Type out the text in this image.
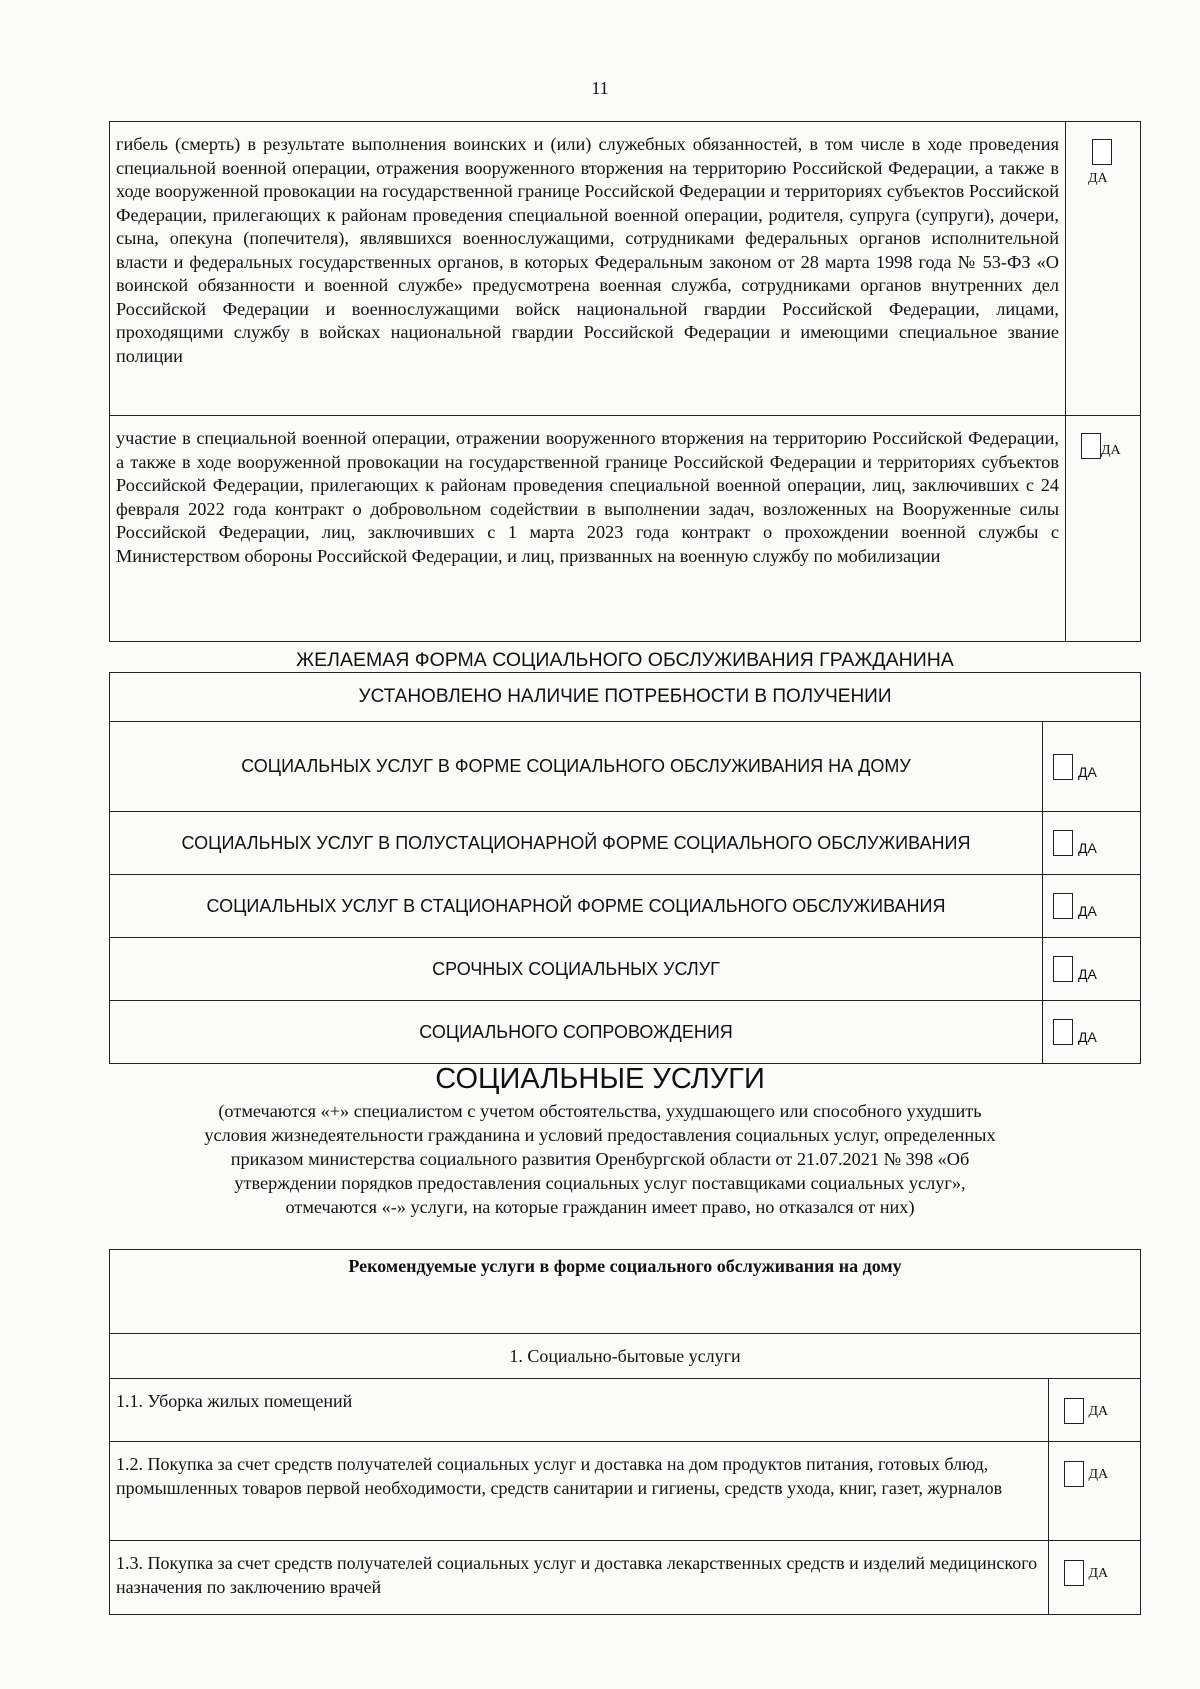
11
гибель (смерть) в результате выполнения воинских и (или) служебных обязанностей, в том числе в ходе проведения специальной военной операции, отражения вооруженного вторжения на территорию Российской Федерации, а также в ходе вооруженной провокации на государственной границе Российской Федерации и территориях субъектов Российской Федерации, прилегающих к районам проведения специальной военной операции, родителя, супруга (супруги), дочери, сына, опекуна (попечителя), являвшихся военнослужащими, сотрудниками федеральных органов исполнительной власти и федеральных государственных органов, в которых Федеральным законом от 28 марта 1998 года № 53-ФЗ «О воинской обязанности и военной службе» предусмотрена военная служба, сотрудниками органов внутренних дел Российской Федерации и военнослужащими войск национальной гвардии Российской Федерации, лицами, проходящими службу в войсках национальной гвардии Российской Федерации и имеющими специальное звание полиции	ДА

участие в специальной военной операции, отражении вооруженного вторжения на территорию Российской Федерации, а также в ходе вооруженной провокации на государственной границе Российской Федерации и территориях субъектов Российской Федерации, прилегающих к районам проведения специальной военной операции, лиц, заключивших с 24 февраля 2022 года контракт о добровольном содействии в выполнении задач, возложенных на Вооруженные силы Российской Федерации, лиц, заключивших с 1 марта 2023 года контракт о прохождении военной службы с Министерством обороны Российской Федерации, и лиц, призванных на военную службу по мобилизации	ДА
ЖЕЛАЕМАЯ ФОРМА СОЦИАЛЬНОГО ОБСЛУЖИВАНИЯ ГРАЖДАНИНА
УСТАНОВЛЕНО НАЛИЧИЕ ПОТРЕБНОСТИ В ПОЛУЧЕНИИ	
СОЦИАЛЬНЫХ УСЛУГ В ФОРМЕ СОЦИАЛЬНОГО ОБСЛУЖИВАНИЯ НА ДОМУ	ДА
СОЦИАЛЬНЫХ УСЛУГ В ПОЛУСТАЦИОНАРНОЙ ФОРМЕ СОЦИАЛЬНОГО ОБСЛУЖИВАНИЯ	ДА
СОЦИАЛЬНЫХ УСЛУГ В СТАЦИОНАРНОЙ ФОРМЕ СОЦИАЛЬНОГО ОБСЛУЖИВАНИЯ	ДА
СРОЧНЫХ СОЦИАЛЬНЫХ УСЛУГ	ДА
СОЦИАЛЬНОГО СОПРОВОЖДЕНИЯ	ДА
СОЦИАЛЬНЫЕ УСЛУГИ
(отмечаются «+» специалистом с учетом обстоятельства, ухудшающего или способного ухудшить
условия жизнедеятельности гражданина и условий предоставления социальных услуг, определенных
приказом министерства социального развития Оренбургской области от 21.07.2021 № 398 «Об
утверждении порядков предоставления социальных услуг поставщиками социальных услуг»,
отмечаются «-» услуги, на которые гражданин имеет право, но отказался от них)
Рекомендуемые услуги в форме социального обслуживания на дому	
1. Социально-бытовые услуги	
1.1. Уборка жилых помещений	ДА
1.2. Покупка за счет средств получателей социальных услуг и доставка на дом продуктов питания, готовых блюд, промышленных товаров первой необходимости, средств санитарии и гигиены, средств ухода, книг, газет, журналов	ДА
1.3. Покупка за счет средств получателей социальных услуг и доставка лекарственных средств и изделий медицинского назначения по заключению врачей	ДА
